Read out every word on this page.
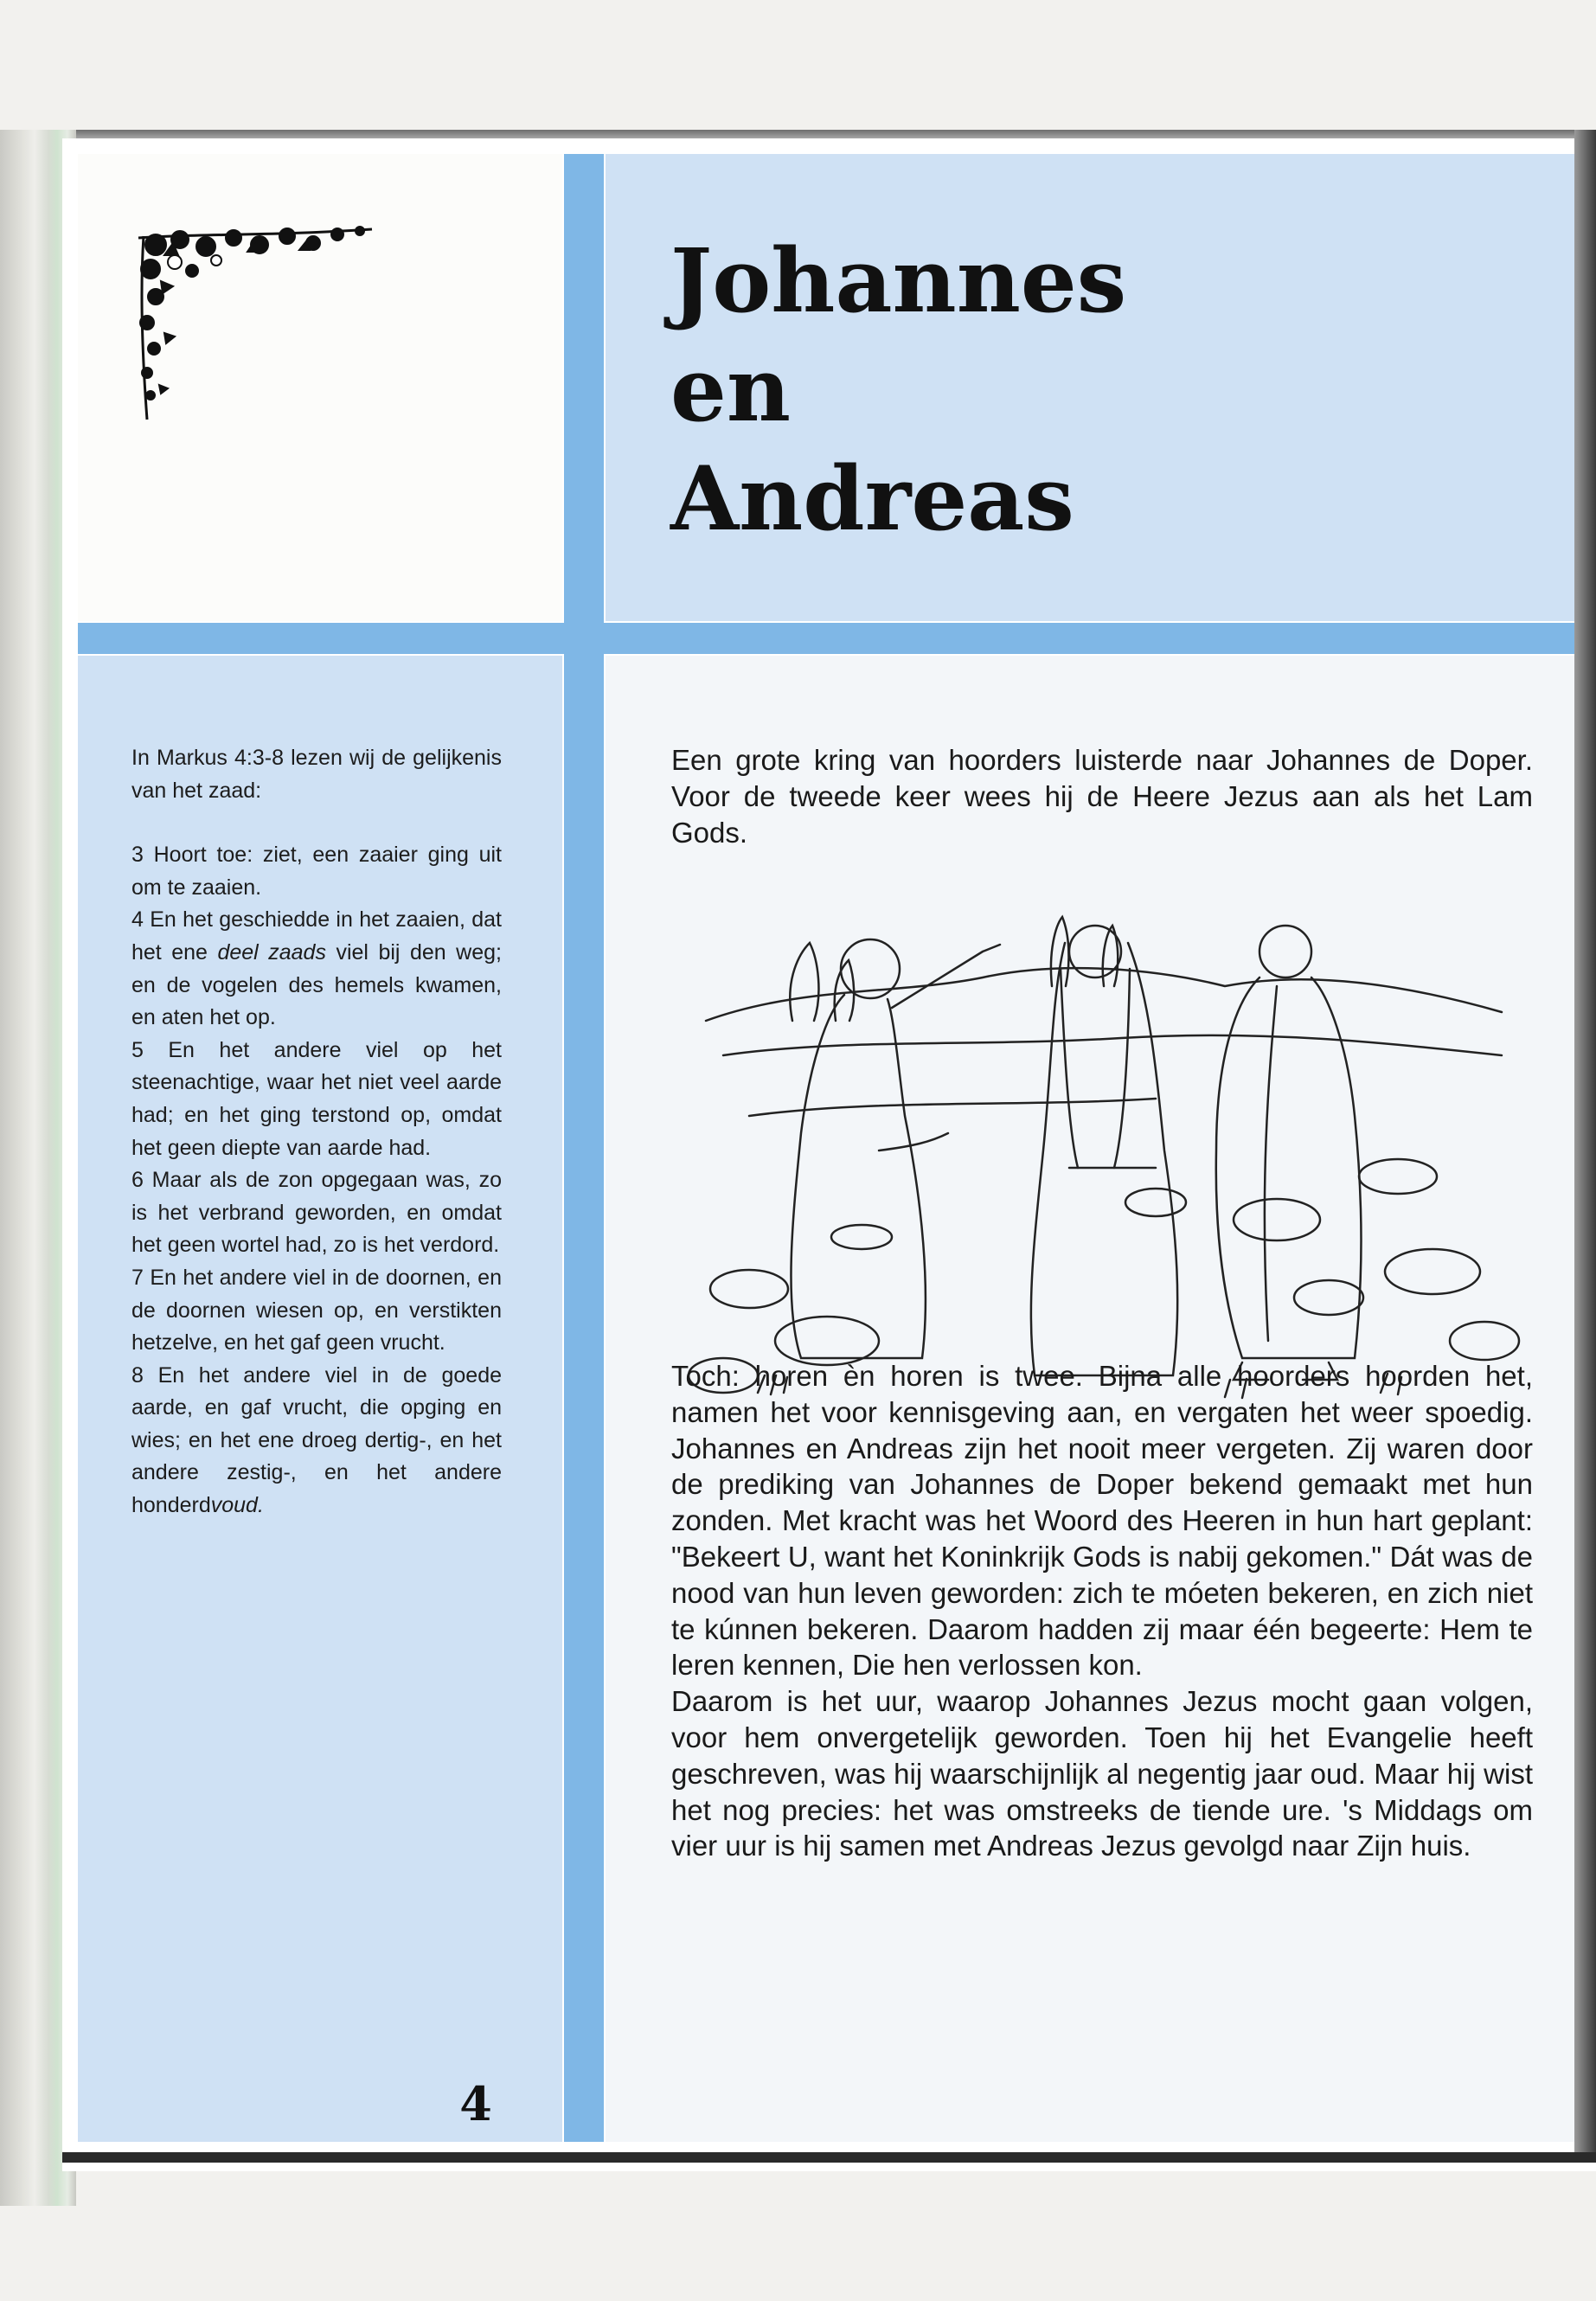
Johannes
en
Andreas

In Markus 4:3-8 lezen wij de gelijkenis van het zaad:

3 Hoort toe: ziet, een zaaier ging uit om te zaaien.

4 En het geschiedde in het zaaien, dat het ene deel zaads viel bij den weg; en de vogelen des hemels kwamen, en aten het op.

5 En het andere viel op het steenachtige, waar het niet veel aarde had; en het ging terstond op, omdat het geen diepte van aarde had.

6 Maar als de zon opgegaan was, zo is het verbrand geworden, en omdat het geen wortel had, zo is het verdord.

7 En het andere viel in de doornen, en de doornen wiesen op, en verstikten hetzelve, en het gaf geen vrucht.

8 En het andere viel in de goede aarde, en gaf vrucht, die opging en wies; en het ene droeg dertig-, en het andere zestig-, en het andere honderdvoud.

Een grote kring van hoorders luisterde naar Johannes de Doper. Voor de tweede keer wees hij de Heere Jezus aan als het Lam Gods.

Toch: horen èn horen is twee. Bijna alle hoorders hoorden het, namen het voor kennisgeving aan, en vergaten het weer spoedig. Johannes en Andreas zijn het nooit meer vergeten. Zij waren door de prediking van Johannes de Doper bekend gemaakt met hun zonden. Met kracht was het Woord des Heeren in hun hart geplant: "Bekeert U, want het Koninkrijk Gods is nabij gekomen." Dát was de nood van hun leven geworden: zich te móeten bekeren, en zich niet te kúnnen bekeren. Daarom hadden zij maar één begeerte: Hem te leren kennen, Die hen verlossen kon.

Daarom is het uur, waarop Johannes Jezus mocht gaan volgen, voor hem onvergetelijk geworden. Toen hij het Evangelie heeft geschreven, was hij waarschijnlijk al negentig jaar oud. Maar hij wist het nog precies: het was omstreeks de tiende ure. 's Middags om vier uur is hij samen met Andreas Jezus gevolgd naar Zijn huis.

4
